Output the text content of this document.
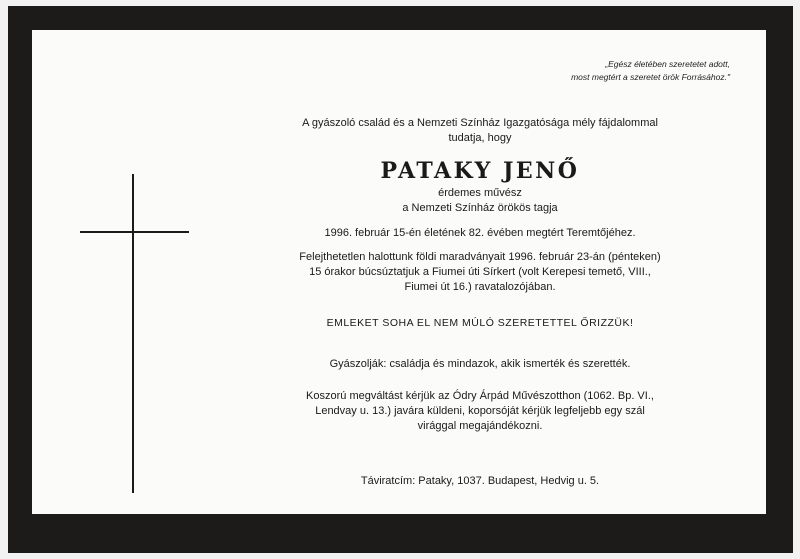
„Egész életében szeretetet adott,
most megtért a szeretet örök Forrásához."
A gyászoló család és a Nemzeti Színház Igazgatósága mély fájdalommal
tudatja, hogy
PATAKY JENŐ
érdemes művész
a Nemzeti Színház örökös tagja
1996. február 15-én életének 82. évében megtért Teremtőjéhez.
Felejthetetlen halottunk földi maradványait 1996. február 23-án (pénteken)
15 órakor búcsúztatjuk a Fiumei úti Sírkert (volt Kerepesi temető, VIII.,
Fiumei út 16.) ravatalozójában.
EMLEKET SOHA EL NEM MÚLÓ SZERETETTEL ŐRIZZÜK!
Gyászolják: családja és mindazok, akik ismerték és szerették.
Koszorú megváltást kérjük az Ódry Árpád Művészotthon (1062. Bp. VI.,
Lendvay u. 13.) javára küldeni, koporsóját kérjük legfeljebb egy szál
virággal megajándékozni.
Táviratcím: Pataky, 1037. Budapest, Hedvig u. 5.
